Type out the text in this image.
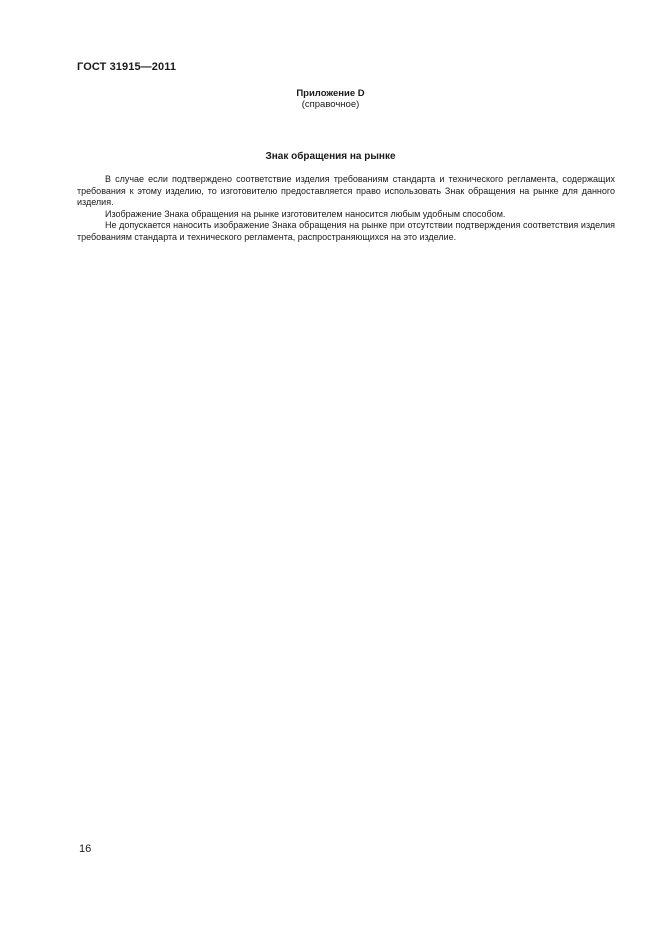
ГОСТ 31915—2011
Приложение D
(справочное)
Знак обращения на рынке

В случае если подтверждено соответствие изделия требованиям стандарта и технического регламента, содержащих требования к этому изделию, то изготовителю предоставляется право использовать Знак обращения на рынке для данного изделия.

Изображение Знака обращения на рынке изготовителем наносится любым удобным способом.

Не допускается наносить изображение Знака обращения на рынке при отсутствии подтверждения соответствия изделия требованиям стандарта и технического регламента, распространяющихся на это изделие.

16
